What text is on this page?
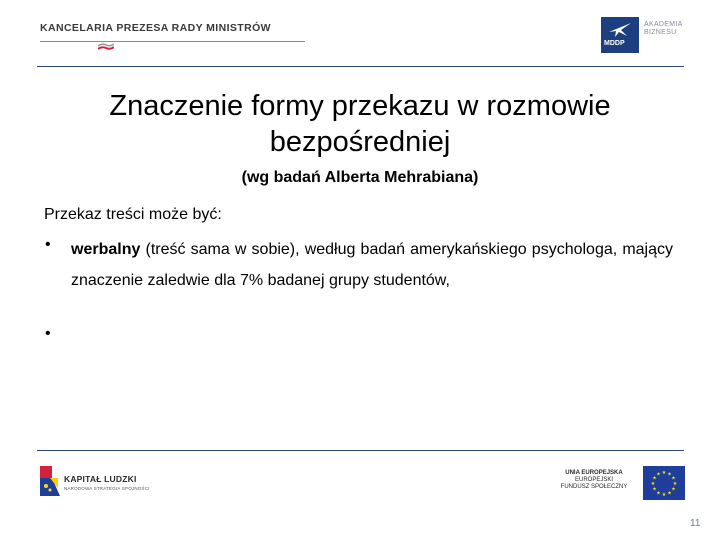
KANCELARIA PREZESA RADY MINISTRÓW
MDDP
AKADEMIA
BIZNESU
Znaczenie formy przekazu w rozmowie
bezpośredniej
(wg badań Alberta Mehrabiana)
Przekaz treści może być:
• werbalny (treść sama w sobie), według badań amerykańskiego psychologa, mający znaczenie zaledwie dla 7% badanej grupy studentów,
•
KAPITAŁ LUDZKI
NARODOWA STRATEGIA SPÓJNOŚCI
UNIA EUROPEJSKA
EUROPEJSKI
FUNDUSZ SPOŁECZNY
★ ★
★
★
★
★
★
★
★
★
★
★
11
